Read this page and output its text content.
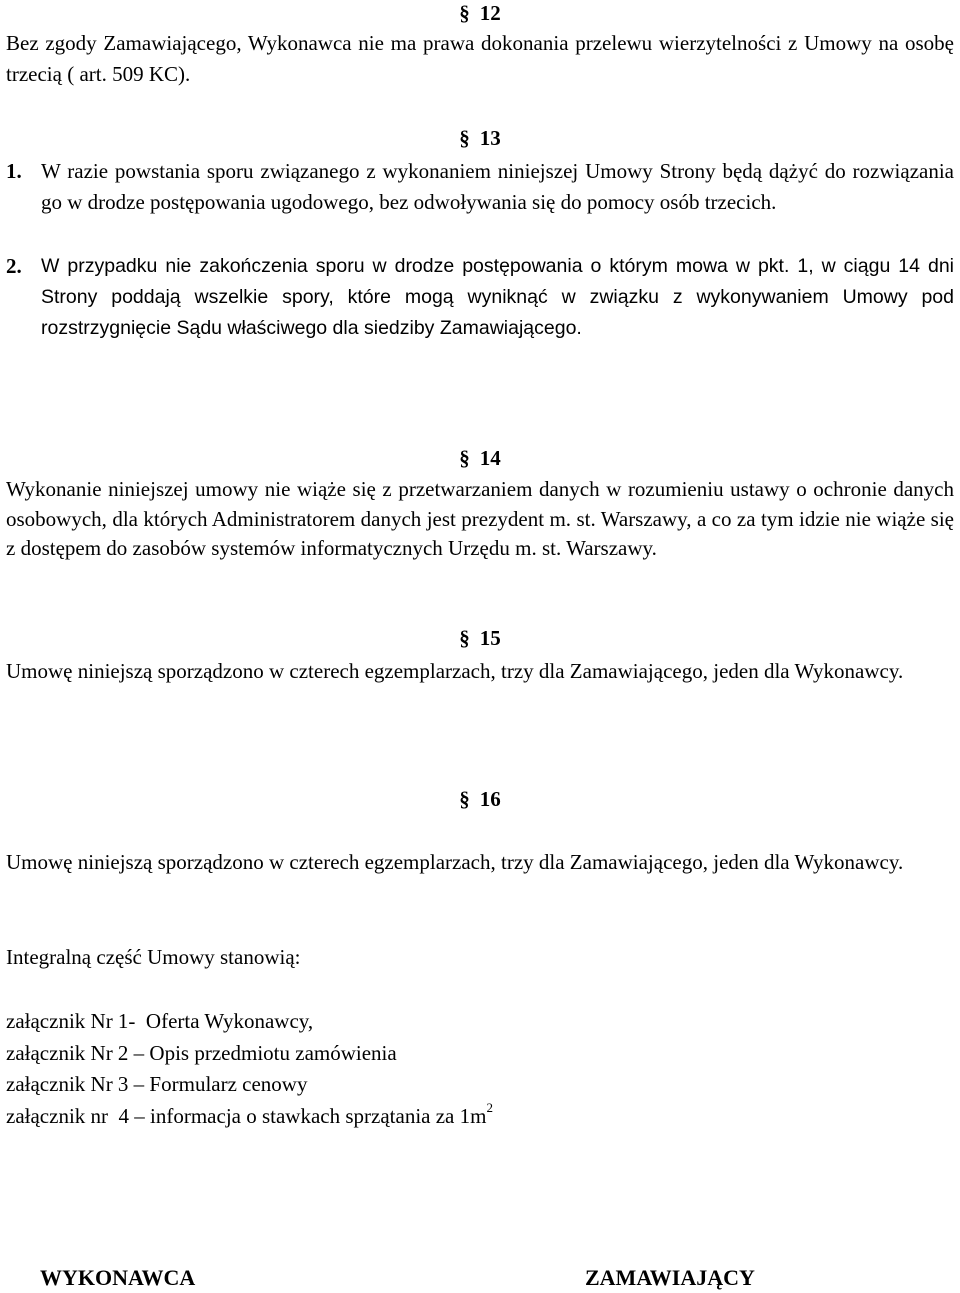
§ 12
Bez zgody Zamawiającego, Wykonawca nie ma prawa dokonania przelewu wierzytelności z Umowy na osobę trzecią ( art. 509 KC).
§ 13
1. W razie powstania sporu związanego z wykonaniem niniejszej Umowy Strony będą dążyć do rozwiązania go w drodze postępowania ugodowego, bez odwoływania się do pomocy osób trzecich.
2. W przypadku nie zakończenia sporu w drodze postępowania o którym mowa w pkt. 1, w ciągu 14 dni Strony poddają wszelkie spory, które mogą wyniknąć w związku z wykonywaniem Umowy pod rozstrzygnięcie Sądu właściwego dla siedziby Zamawiającego.
§ 14
Wykonanie niniejszej umowy nie wiąże się z przetwarzaniem danych w rozumieniu ustawy o ochronie danych osobowych, dla których Administratorem danych jest prezydent m. st. Warszawy, a co za tym idzie nie wiąże się z dostępem do zasobów systemów informatycznych Urzędu m. st. Warszawy.
§ 15
Umowę niniejszą sporządzono w czterech egzemplarzach, trzy dla Zamawiającego, jeden dla Wykonawcy.
§ 16
Umowę niniejszą sporządzono w czterech egzemplarzach, trzy dla Zamawiającego, jeden dla Wykonawcy.
Integralną część Umowy stanowią:
załącznik Nr 1-  Oferta Wykonawcy,
załącznik Nr 2 – Opis przedmiotu zamówienia
załącznik Nr 3 – Formularz cenowy
załącznik nr  4 – informacja o stawkach sprzątania za $1m^2$
WYKONAWCA	ZAMAWIAJĄCY
